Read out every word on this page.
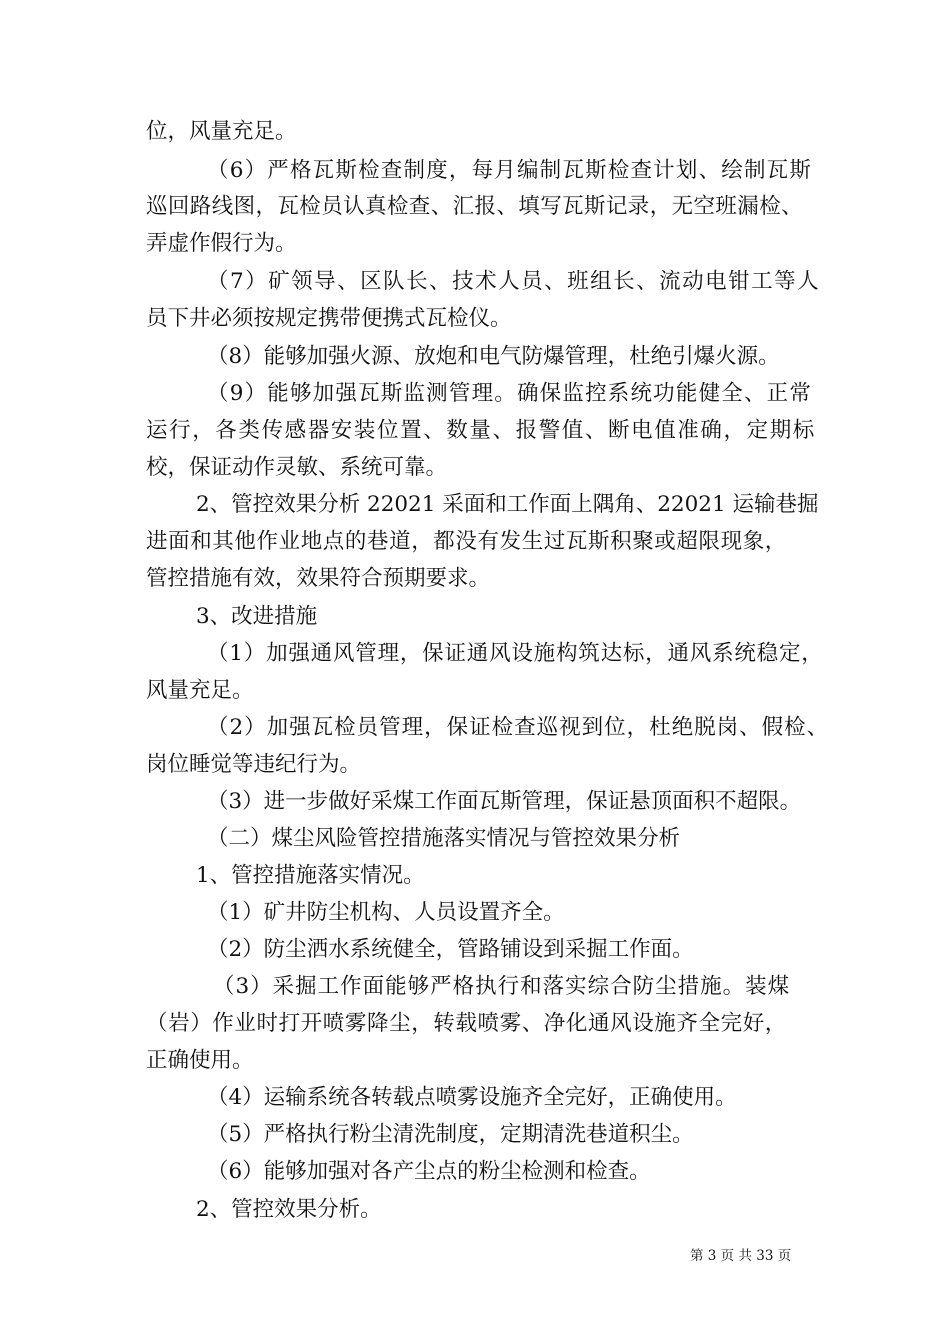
位，风量充足。
（6）严格瓦斯检查制度，每月编制瓦斯检查计划、绘制瓦斯
巡回路线图，瓦检员认真检查、汇报、填写瓦斯记录，无空班漏检、
弄虚作假行为。
（7）矿领导、区队长、技术人员、班组长、流动电钳工等人
员下井必须按规定携带便携式瓦检仪。
（8）能够加强火源、放炮和电气防爆管理，杜绝引爆火源。
（9）能够加强瓦斯监测管理。确保监控系统功能健全、正常
运行，各类传感器安装位置、数量、报警值、断电值准确，定期标
校，保证动作灵敏、系统可靠。
2、管控效果分析 22021 采面和工作面上隅角、22021 运输巷掘
进面和其他作业地点的巷道，都没有发生过瓦斯积聚或超限现象，
管控措施有效，效果符合预期要求。
3、改进措施
（1）加强通风管理，保证通风设施构筑达标，通风系统稳定，
风量充足。
（2）加强瓦检员管理，保证检查巡视到位，杜绝脱岗、假检、
岗位睡觉等违纪行为。
（3）进一步做好采煤工作面瓦斯管理，保证悬顶面积不超限。
（二）煤尘风险管控措施落实情况与管控效果分析
1、管控措施落实情况。
（1）矿井防尘机构、人员设置齐全。
（2）防尘洒水系统健全，管路铺设到采掘工作面。
（3）采掘工作面能够严格执行和落实综合防尘措施。装煤
（岩）作业时打开喷雾降尘，转载喷雾、净化通风设施齐全完好，
正确使用。
（4）运输系统各转载点喷雾设施齐全完好，正确使用。
（5）严格执行粉尘清洗制度，定期清洗巷道积尘。
（6）能够加强对各产尘点的粉尘检测和检查。
2、管控效果分析。
第 3 页 共 33 页
